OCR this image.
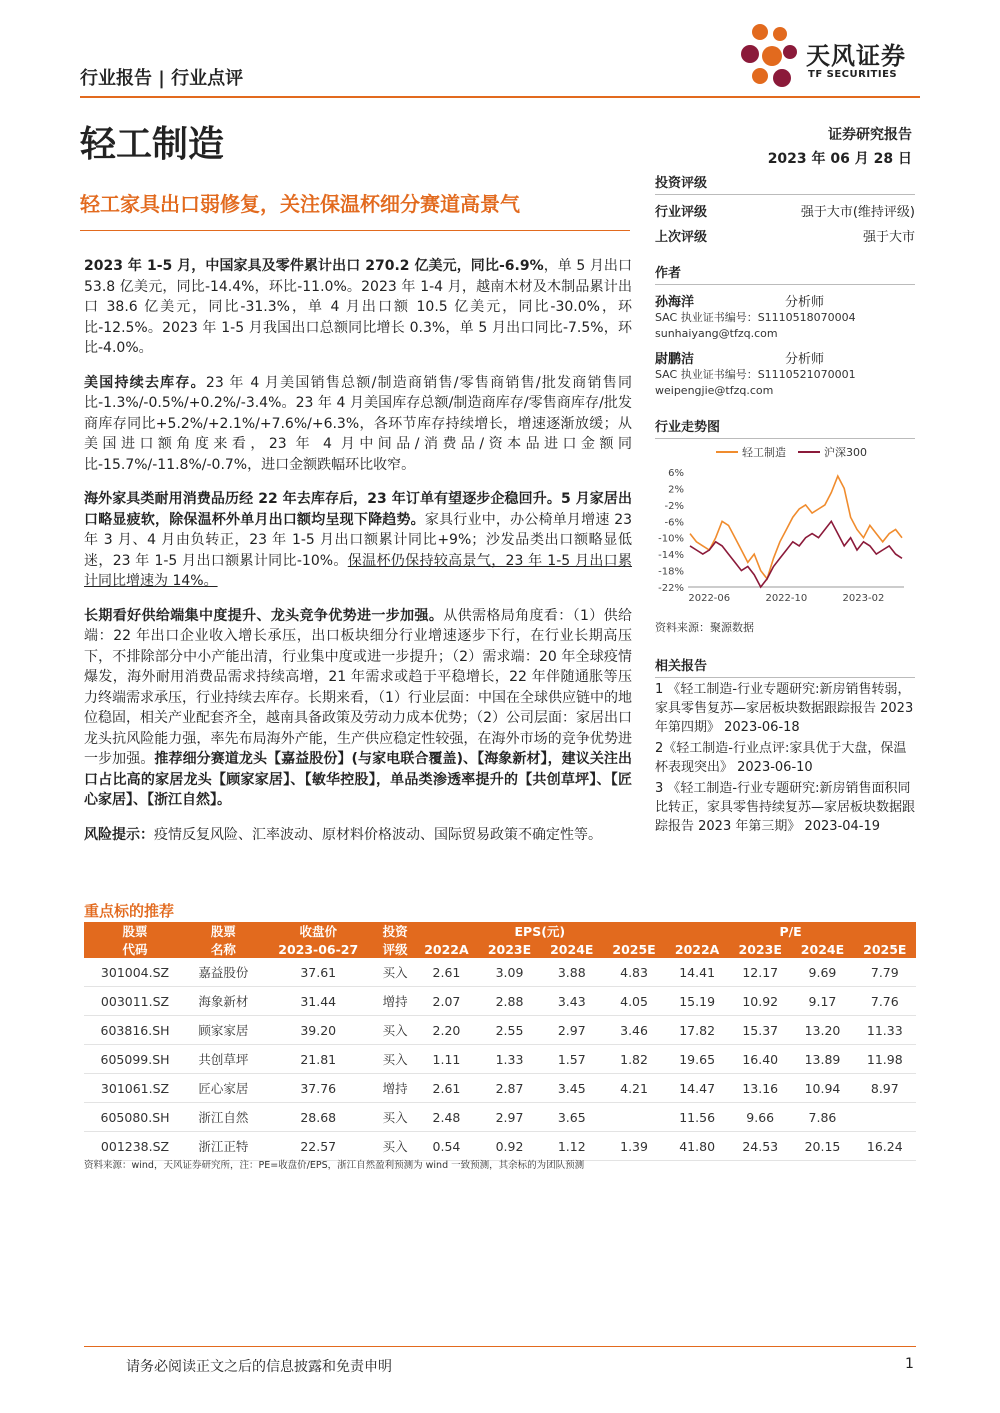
行业报告 | 行业点评
天风证券
TF SECURITIES
轻工制造	证券研究报告
2023 年 06 月 28 日
轻工家具出口弱修复，关注保温杯细分赛道高景气
投资评级
行业评级	强于大市(维持评级)
上次评级	强于大市
作者
孙海洋	分析师
SAC 执业证书编号：S1110518070004
sunhaiyang@tfzq.com
尉鹏洁	分析师
SAC 执业证书编号：S1110521070001
weipengjie@tfzq.com
行业走势图
轻工制造	沪深300
6%
2%
-2%
-6%
-10%
-14%
-18%
-22%
2022-06	2022-10	2023-02
资料来源：聚源数据
相关报告
1 《轻工制造-行业专题研究:新房销售转弱，家具零售复苏—家居板块数据跟踪报告 2023 年第四期》 2023-06-18
2《轻工制造-行业点评:家具优于大盘，保温杯表现突出》 2023-06-10
3 《轻工制造-行业专题研究:新房销售面积同比转正，家具零售持续复苏—家居板块数据跟踪报告 2023 年第三期》 2023-04-19

2023 年 1-5 月，中国家具及零件累计出口 270.2 亿美元，同比-6.9%，单 5 月出口 53.8 亿美元，同比-14.4%，环比-11.0%。2023 年 1-4 月，越南木材及木制品累计出口 38.6 亿美元，同比-31.3%，单 4 月出口额 10.5 亿美元，同比-30.0%，环比-12.5%。2023 年 1-5 月我国出口总额同比增长 0.3%，单 5 月出口同比-7.5%，环比-4.0%。

美国持续去库存。23 年 4 月美国销售总额/制造商销售/零售商销售/批发商销售同比-1.3%/-0.5%/+0.2%/-3.4%。23 年 4 月美国库存总额/制造商库存/零售商库存/批发商库存同比+5.2%/+2.1%/+7.6%/+6.3%，各环节库存持续增长，增速逐渐放缓；从美国进口额角度来看，23 年 4 月中间品/消费品/资本品进口金额同比-15.7%/-11.8%/-0.7%，进口金额跌幅环比收窄。

海外家具类耐用消费品历经 22 年去库存后，23 年订单有望逐步企稳回升。5 月家居出口略显疲软，除保温杯外单月出口额均呈现下降趋势。家具行业中，办公椅单月增速 23 年 3 月、4 月由负转正，23 年 1-5 月出口额累计同比+9%；沙发品类出口额略显低迷，23 年 1-5 月出口额累计同比-10%。保温杯仍保持较高景气，23 年 1-5 月出口累计同比增速为 14%。

长期看好供给端集中度提升、龙头竞争优势进一步加强。从供需格局角度看：（1）供给端：22 年出口企业收入增长承压，出口板块细分行业增速逐步下行，在行业长期高压下，不排除部分中小产能出清，行业集中度或进一步提升；（2）需求端：20 年全球疫情爆发，海外耐用消费品需求持续高增，21 年需求或趋于平稳增长，22 年伴随通胀等压力终端需求承压，行业持续去库存。长期来看，（1）行业层面：中国在全球供应链中的地位稳固，相关产业配套齐全，越南具备政策及劳动力成本优势；（2）公司层面：家居出口龙头抗风险能力强，率先布局海外产能，生产供应稳定性较强，在海外市场的竞争优势进一步加强。推荐细分赛道龙头【嘉益股份】(与家电联合覆盖)、【海象新材】，建议关注出口占比高的家居龙头【顾家家居】、【敏华控股】，单品类渗透率提升的【共创草坪】、【匠心家居】、【浙江自然】。

风险提示：疫情反复风险、汇率波动、原材料价格波动、国际贸易政策不确定性等。

重点标的推荐
股票	股票	收盘价	投资	EPS(元)				P/E			
代码	名称	2023-06-27	评级	2022A	2023E	2024E	2025E	2022A	2023E	2024E	2025E
301004.SZ	嘉益股份	37.61	买入	2.61	3.09	3.88	4.83	14.41	12.17	9.69	7.79
003011.SZ	海象新材	31.44	增持	2.07	2.88	3.43	4.05	15.19	10.92	9.17	7.76
603816.SH	顾家家居	39.20	买入	2.20	2.55	2.97	3.46	17.82	15.37	13.20	11.33
605099.SH	共创草坪	21.81	买入	1.11	1.33	1.57	1.82	19.65	16.40	13.89	11.98
301061.SZ	匠心家居	37.76	增持	2.61	2.87	3.45	4.21	14.47	13.16	10.94	8.97
605080.SH	浙江自然	28.68	买入	2.48	2.97	3.65		11.56	9.66	7.86	
001238.SZ	浙江正特	22.57	买入	0.54	0.92	1.12	1.39	41.80	24.53	20.15	16.24
资料来源：wind，天风证券研究所，注：PE=收盘价/EPS，浙江自然盈利预测为 wind 一致预测，其余标的为团队预测
请务必阅读正文之后的信息披露和免责申明	1
